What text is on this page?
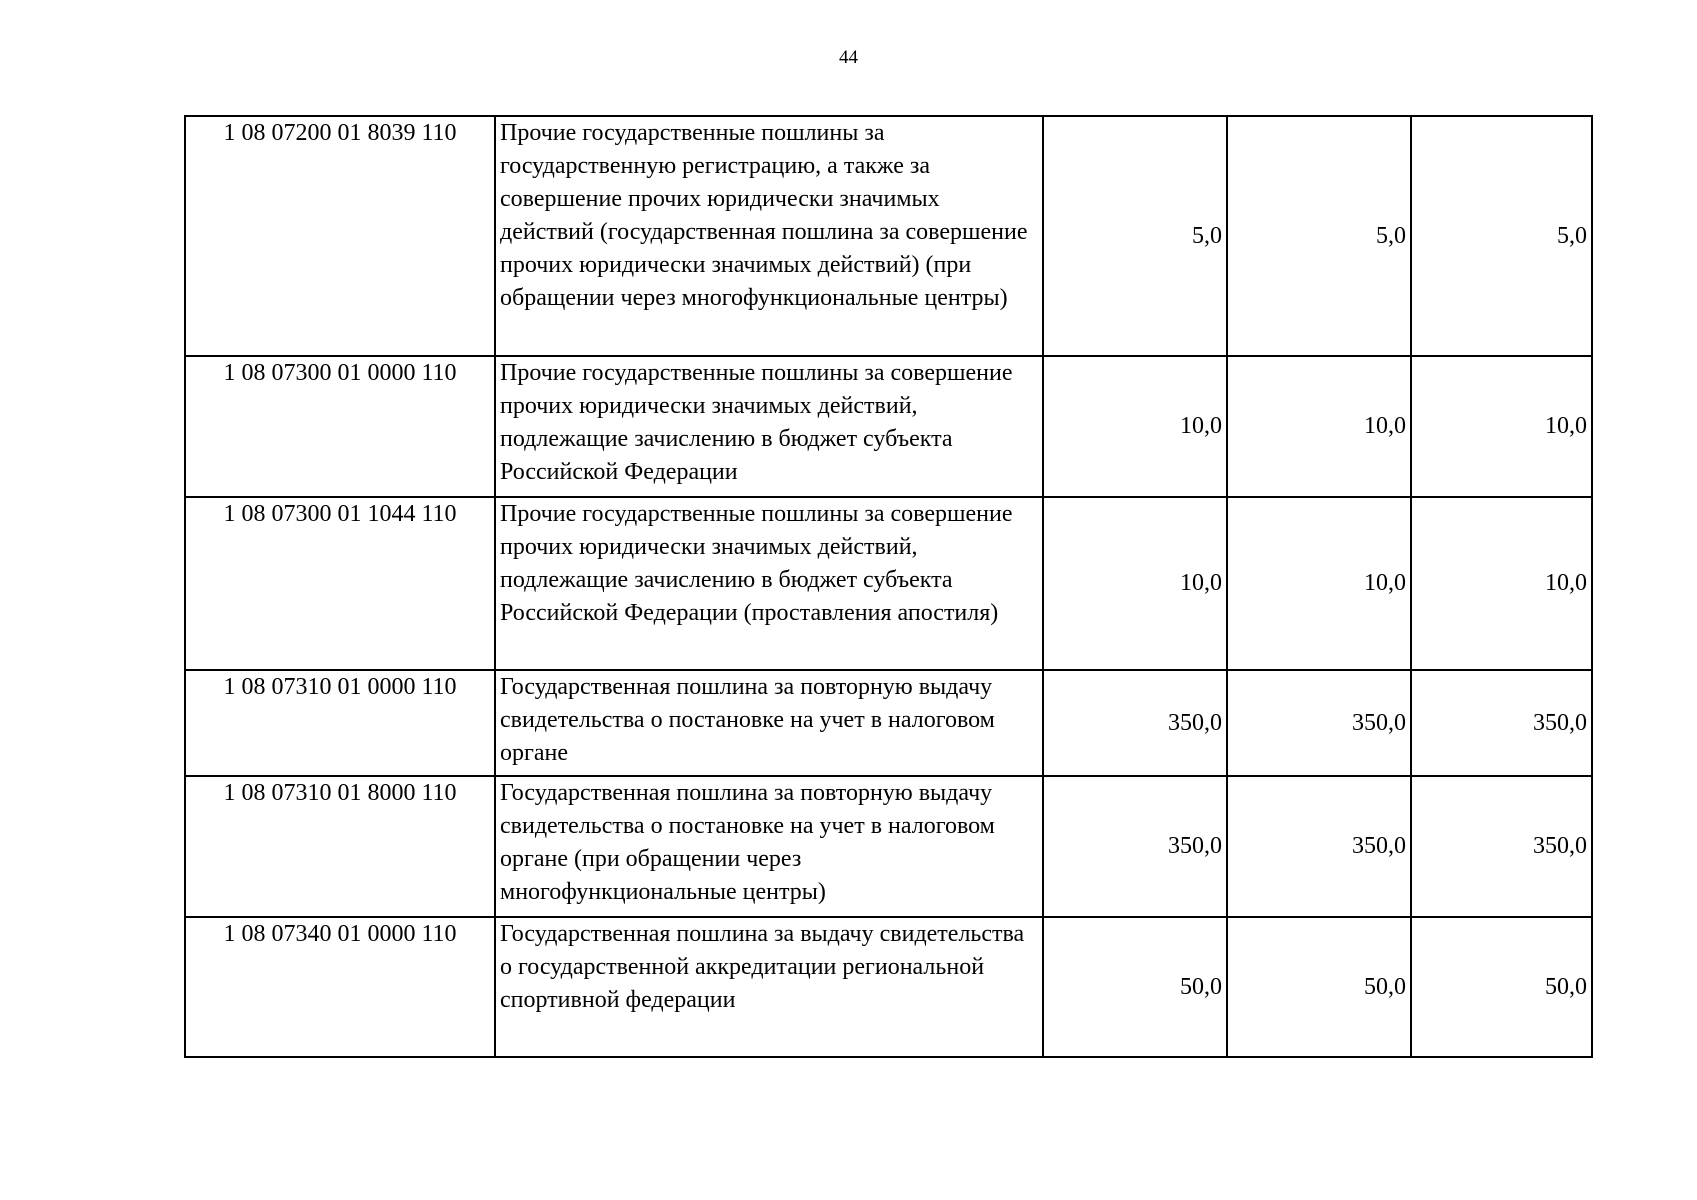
44
1 08 07200 01 8039 110	Прочие государственные пошлины за государственную регистрацию, а также за совершение прочих юридически значимых действий (государственная пошлина за совершение прочих юридически значимых действий) (при обращении через многофункциональные центры)	5,0	5,0	5,0
1 08 07300 01 0000 110	Прочие государственные пошлины за совершение прочих юридически значимых действий, подлежащие зачислению в бюджет субъекта Российской Федерации	10,0	10,0	10,0
1 08 07300 01 1044 110	Прочие государственные пошлины за совершение прочих юридически значимых действий, подлежащие зачислению в бюджет субъекта Российской Федерации (проставления апостиля)	10,0	10,0	10,0
1 08 07310 01 0000 110	Государственная пошлина за повторную выдачу свидетельства о постановке на учет в налоговом органе	350,0	350,0	350,0
1 08 07310 01 8000 110	Государственная пошлина за повторную выдачу свидетельства о постановке на учет в налоговом органе (при обращении через многофункциональные центры)	350,0	350,0	350,0
1 08 07340 01 0000 110	Государственная пошлина за выдачу свидетельства о государственной аккредитации региональной спортивной федерации	50,0	50,0	50,0
